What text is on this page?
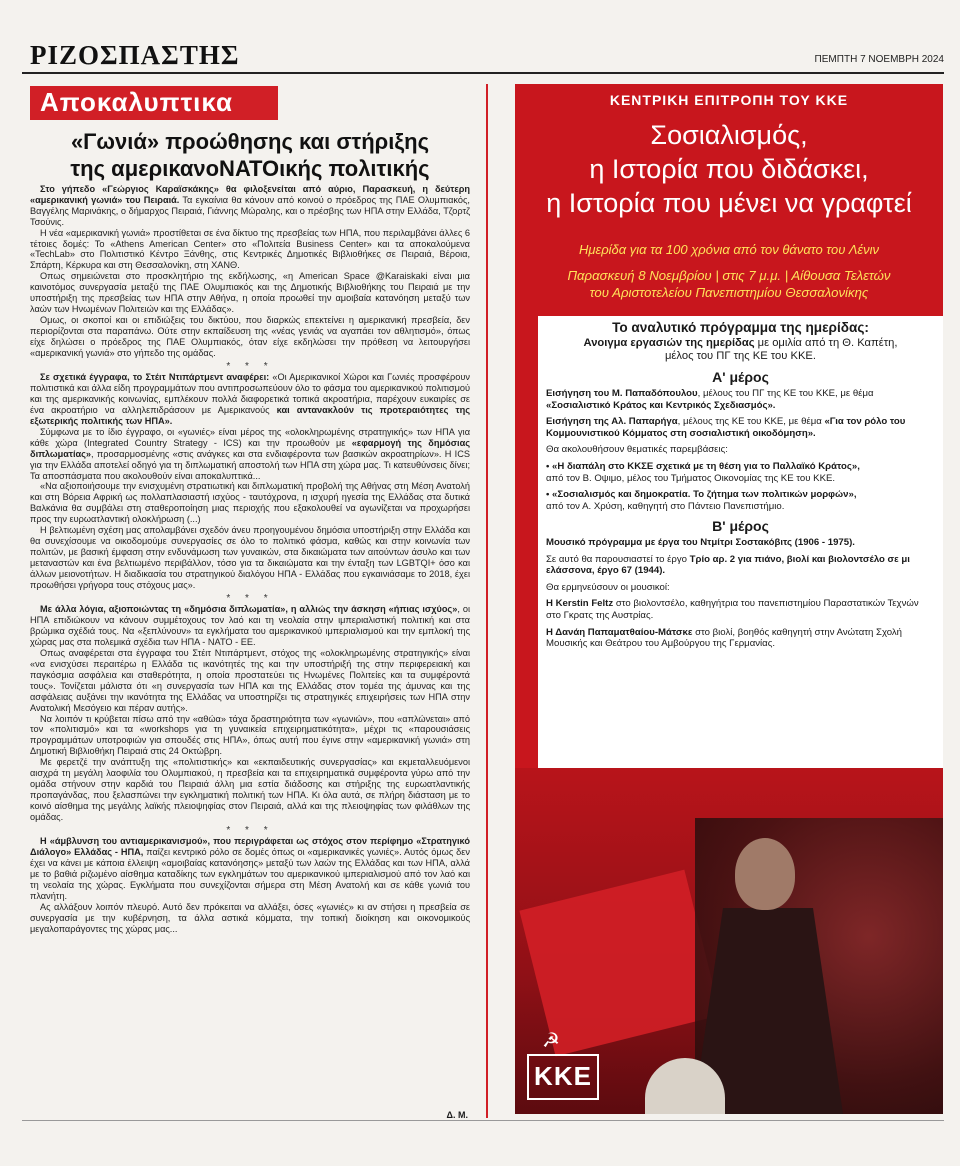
ΡΙΖΟΣΠΑΣΤΗΣ	ΠΕΜΠΤΗ 7 ΝΟΕΜΒΡΗ 2024
Αποκαλυπτικα
«Γωνιά» προώθησης και στήριξης
της αμερικανοΝΑΤΟικής πολιτικής

Στο γήπεδο «Γεώργιος Καραϊσκάκης» θα φιλοξενείται από αύριο, Παρασκευή, η δεύτερη «αμερικανική γωνιά» του Πειραιά. Τα εγκαίνια θα κάνουν από κοινού ο πρόεδρος της ΠΑΕ Ολυμπιακός, Βαγγέλης Μαρινάκης, ο δήμαρχος Πειραιά, Γιάννης Μώραλης, και ο πρέσβης των ΗΠΑ στην Ελλάδα, Τζορτζ Τσούνις.

Η νέα «αμερικανική γωνιά» προστίθεται σε ένα δίκτυο της πρεσβείας των ΗΠΑ, που περιλαμβάνει άλλες 6 τέτοιες δομές: Το «Athens American Center» στο «Πολιτεία Business Center» και τα αποκαλούμενα «TechLab» στο Πολιτιστικό Κέντρο Ξάνθης, στις Κεντρικές Δημοτικές Βιβλιοθήκες σε Πειραιά, Βέροια, Σπάρτη, Κέρκυρα και στη Θεσσαλονίκη, στη ΧΑΝΘ.

Οπως σημειώνεται στο προσκλητήριο της εκδήλωσης, «η American Space @Karaiskaki είναι μια καινοτόμος συνεργασία μεταξύ της ΠΑΕ Ολυμπιακός και της Δημοτικής Βιβλιοθήκης του Πειραιά με την υποστήριξη της πρεσβείας των ΗΠΑ στην Αθήνα, η οποία προωθεί την αμοιβαία κατανόηση μεταξύ των λαών των Ηνωμένων Πολιτειών και της Ελλάδας».

Ομως, οι σκοποί και οι επιδιώξεις του δικτύου, που διαρκώς επεκτείνει η αμερικανική πρεσβεία, δεν περιορίζονται στα παραπάνω. Ούτε στην εκπαίδευση της «νέας γενιάς να αγαπάει τον αθλητισμό», όπως είχε δηλώσει ο πρόεδρος της ΠΑΕ Ολυμπιακός, όταν είχε εκδηλώσει την πρόθεση να λειτουργήσει «αμερικανική γωνιά» στο γήπεδο της ομάδας.

* * *

Σε σχετικά έγγραφα, το Στέιτ Ντιπάρτμεντ αναφέρει: «Οι Αμερικανικοί Χώροι και Γωνιές προσφέρουν πολιτιστικά και άλλα είδη προγραμμάτων που αντιπροσωπεύουν όλο το φάσμα του αμερικανικού πολιτισμού και της αμερικανικής κοινωνίας, εμπλέκουν πολλά διαφορετικά τοπικά ακροατήρια, παρέχουν ευκαιρίες σε ένα ακροατήριο να αλληλεπιδράσουν με Αμερικανούς και αντανακλούν τις προτεραιότητες της εξωτερικής πολιτικής των ΗΠΑ».

Σύμφωνα με το ίδιο έγγραφο, οι «γωνιές» είναι μέρος της «ολοκληρωμένης στρατηγικής» των ΗΠΑ για κάθε χώρα (Integrated Country Strategy - ICS) και την προωθούν με «εφαρμογή της δημόσιας διπλωματίας», προσαρμοσμένης «στις ανάγκες και στα ενδιαφέροντα των βασικών ακροατηρίων». Η ICS για την Ελλάδα αποτελεί οδηγό για τη διπλωματική αποστολή των ΗΠΑ στη χώρα μας. Τι κατευθύνσεις δίνει; Τα αποσπάσματα που ακολουθούν είναι αποκαλυπτικά...

«Να αξιοποιήσουμε την ενισχυμένη στρατιωτική και διπλωματική προβολή της Αθήνας στη Μέση Ανατολή και στη Βόρεια Αφρική ως πολλαπλασιαστή ισχύος - ταυτόχρονα, η ισχυρή ηγεσία της Ελλάδας στα δυτικά Βαλκάνια θα συμβάλει στη σταθεροποίηση μιας περιοχής που εξακολουθεί να αγωνίζεται να προχωρήσει προς την ευρωατλαντική ολοκλήρωση (...)

Η βελτιωμένη σχέση μας απολαμβάνει σχεδόν άνευ προηγουμένου δημόσια υποστήριξη στην Ελλάδα και θα συνεχίσουμε να οικοδομούμε συνεργασίες σε όλο το πολιτικό φάσμα, καθώς και στην κοινωνία των πολιτών, με βασική έμφαση στην ενδυνάμωση των γυναικών, στα δικαιώματα των αιτούντων άσυλο και των μεταναστών και ένα βελτιωμένο περιβάλλον, τόσο για τα δικαιώματα και την ένταξη των LGBTQI+ όσο και άλλων μειονοτήτων. Η διαδικασία του στρατηγικού διαλόγου ΗΠΑ - Ελλάδας που εγκαινιάσαμε το 2018, έχει προωθήσει γρήγορα τους στόχους μας».

* * *

Με άλλα λόγια, αξιοποιώντας τη «δημόσια διπλωματία», η αλλιώς την άσκηση «ήπιας ισχύος», οι ΗΠΑ επιδιώκουν να κάνουν συμμέτοχους τον λαό και τη νεολαία στην ιμπεριαλιστική πολιτική και στα βρώμικα σχέδιά τους. Να «ξεπλύνουν» τα εγκλήματα του αμερικανικού ιμπεριαλισμού και την εμπλοκή της χώρας μας στα πολεμικά σχέδια των ΗΠΑ - ΝΑΤΟ - ΕΕ.

Οπως αναφέρεται στα έγγραφα του Στέιτ Ντιπάρτμεντ, στόχος της «ολοκληρωμένης στρατηγικής» είναι «να ενισχύσει περαιτέρω η Ελλάδα τις ικανότητές της και την υποστήριξή της στην περιφερειακή και παγκόσμια ασφάλεια και σταθερότητα, η οποία προστατεύει τις Ηνωμένες Πολιτείες και τα συμφέροντά τους». Τονίζεται μάλιστα ότι «η συνεργασία των ΗΠΑ και της Ελλάδας στον τομέα της άμυνας και της ασφάλειας αυξάνει την ικανότητα της Ελλάδας να υποστηρίζει τις στρατηγικές επιχειρήσεις των ΗΠΑ στην Ανατολική Μεσόγειο και πέραν αυτής».

Να λοιπόν τι κρύβεται πίσω από την «αθώα» τάχα δραστηριότητα των «γωνιών», που «απλώνεται» από τον «πολιτισμό» και τα «workshops για τη γυναικεία επιχειρηματικότητα», μέχρι τις «παρουσιάσεις προγραμμάτων υποτροφιών για σπουδές στις ΗΠΑ», όπως αυτή που έγινε στην «αμερικανική γωνιά» στη Δημοτική Βιβλιοθήκη Πειραιά στις 24 Οκτώβρη.

Με φερετζέ την ανάπτυξη της «πολιτιστικής» και «εκπαιδευτικής συνεργασίας» και εκμεταλλευόμενοι αισχρά τη μεγάλη λαοφιλία του Ολυμπιακού, η πρεσβεία και τα επιχειρηματικά συμφέροντα γύρω από την ομάδα στήνουν στην καρδιά του Πειραιά άλλη μια εστία διάδοσης και στήριξης της ευρωατλαντικής προπαγάνδας, που ξελασπώνει την εγκληματική πολιτική των ΗΠΑ. Κι όλα αυτά, σε πλήρη διάσταση με το κοινό αίσθημα της μεγάλης λαϊκής πλειοψηφίας στον Πειραιά, αλλά και της πλειοψηφίας των φιλάθλων της ομάδας.

* * *

Η «άμβλυνση του αντιαμερικανισμού», που περιγράφεται ως στόχος στον περίφημο «Στρατηγικό Διάλογο» Ελλάδας - ΗΠΑ, παίζει κεντρικό ρόλο σε δομές όπως οι «αμερικανικές γωνιές». Αυτός όμως δεν έχει να κάνει με κάποια έλλειψη «αμοιβαίας κατανόησης» μεταξύ των λαών της Ελλάδας και των ΗΠΑ, αλλά με το βαθιά ριζωμένο αίσθημα καταδίκης των εγκλημάτων του αμερικανικού ιμπεριαλισμού από τον λαό και τη νεολαία της χώρας. Εγκλήματα που συνεχίζονται σήμερα στη Μέση Ανατολή και σε κάθε γωνιά του πλανήτη.

Ας αλλάξουν λοιπόν πλευρό. Αυτό δεν πρόκειται να αλλάξει, όσες «γωνιές» κι αν στήσει η πρεσβεία σε συνεργασία με την κυβέρνηση, τα άλλα αστικά κόμματα, την τοπική διοίκηση και οικονομικούς μεγαλοπαράγοντες της χώρας μας...

Δ. Μ.
ΚΕΝΤΡΙΚΗ ΕΠΙΤΡΟΠΗ ΤΟΥ ΚΚΕ
Σοσιαλισμός,
η Ιστορία που διδάσκει,
η Ιστορία που μένει να γραφτεί
Ημερίδα για τα 100 χρόνια από τον θάνατο του Λένιν
Παρασκευή 8 Νοεμβρίου | στις 7 μ.μ. | Αίθουσα Τελετών
του Αριστοτελείου Πανεπιστημίου Θεσσαλονίκης
Το αναλυτικό πρόγραμμα της ημερίδας:
Ανοιγμα εργασιών της ημερίδας με ομιλία από τη Θ. Καπέτη,
μέλος του ΠΓ της ΚΕ του ΚΚΕ.
Α' μέρος

Εισήγηση του Μ. Παπαδόπουλου, μέλους του ΠΓ της ΚΕ του ΚΚΕ, με θέμα «Σοσιαλιστικό Κράτος και Κεντρικός Σχεδιασμός».

Εισήγηση της Αλ. Παπαρήγα, μέλους της ΚΕ του ΚΚΕ, με θέμα «Για τον ρόλο του Κομμουνιστικού Κόμματος στη σοσιαλιστική οικοδόμηση».

Θα ακολουθήσουν θεματικές παρεμβάσεις:

• «Η διαπάλη στο ΚΚΣΕ σχετικά με τη θέση για το Παλλαϊκό Κράτος»,
από τον Β. Οψιμο, μέλος του Τμήματος Οικονομίας της ΚΕ του ΚΚΕ.

• «Σοσιαλισμός και δημοκρατία. Το ζήτημα των πολιτικών μορφών»,
από τον Α. Χρύση, καθηγητή στο Πάντειο Πανεπιστήμιο.

Β' μέρος

Μουσικό πρόγραμμα με έργα του Ντμίτρι Σοστακόβιτς (1906 - 1975).

Σε αυτό θα παρουσιαστεί το έργο Τρίο αρ. 2 για πιάνο, βιολί και βιολοντσέλο σε μι ελάσσονα, έργο 67 (1944).

Θα ερμηνεύσουν οι μουσικοί:

Η Kerstin Feltz στο βιολοντσέλο, καθηγήτρια του πανεπιστημίου Παραστατικών Τεχνών στο Γκρατς της Αυστρίας.

Η Δανάη Παπαματθαίου-Μάτσκε στο βιολί, βοηθός καθηγητή στην Ανώτατη Σχολή Μουσικής και Θεάτρου του Αμβούργου της Γερμανίας.

☭
ΚΚΕ
